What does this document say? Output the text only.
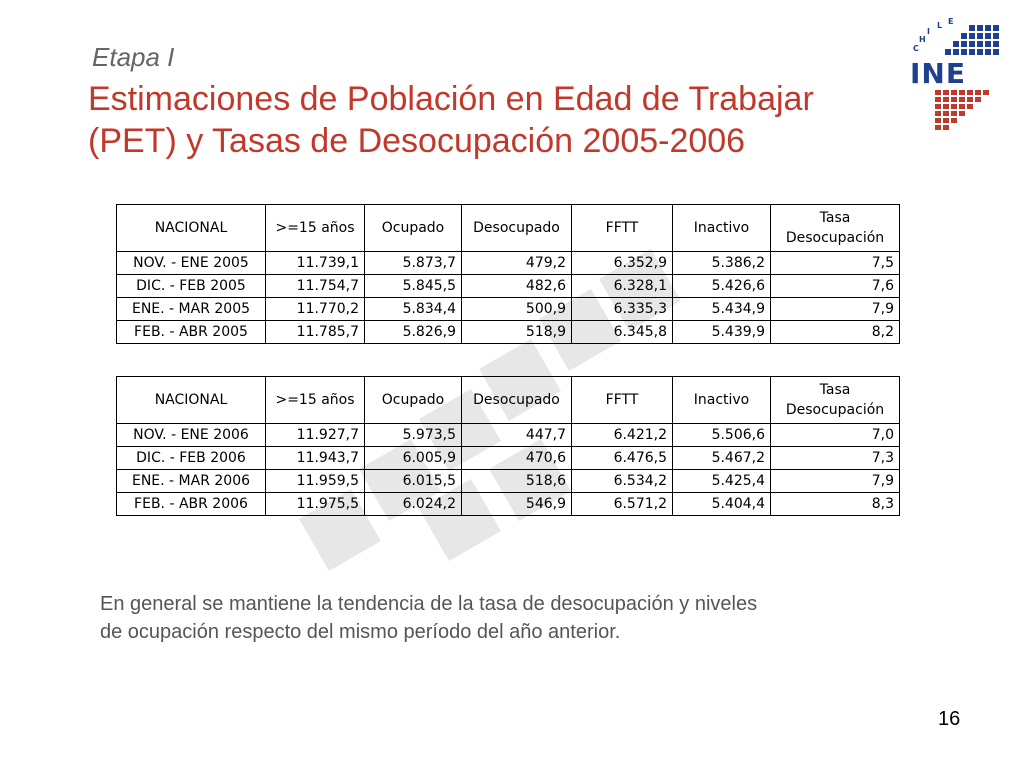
Etapa I
Estimaciones de Población en Edad de Trabajar
(PET) y Tasas de Desocupación 2005-2006
INE
C
H
I
L E
NACIONAL	>=15 años	Ocupado	Desocupado	FFTT	Inactivo	Tasa
Desocupación
NOV. - ENE 2005	11.739,1	5.873,7	479,2	6.352,9	5.386,2	7,5
DIC. - FEB 2005	11.754,7	5.845,5	482,6	6.328,1	5.426,6	7,6
ENE. - MAR 2005	11.770,2	5.834,4	500,9	6.335,3	5.434,9	7,9
FEB. - ABR 2005	11.785,7	5.826,9	518,9	6.345,8	5.439,9	8,2
NACIONAL	>=15 años	Ocupado	Desocupado	FFTT	Inactivo	Tasa
Desocupación
NOV. - ENE 2006	11.927,7	5.973,5	447,7	6.421,2	5.506,6	7,0
DIC. - FEB 2006	11.943,7	6.005,9	470,6	6.476,5	5.467,2	7,3
ENE. - MAR 2006	11.959,5	6.015,5	518,6	6.534,2	5.425,4	7,9
FEB. - ABR 2006	11.975,5	6.024,2	546,9	6.571,2	5.404,4	8,3
En general se mantiene la tendencia de la tasa de desocupación y niveles
de ocupación respecto del mismo período del año anterior.
16
